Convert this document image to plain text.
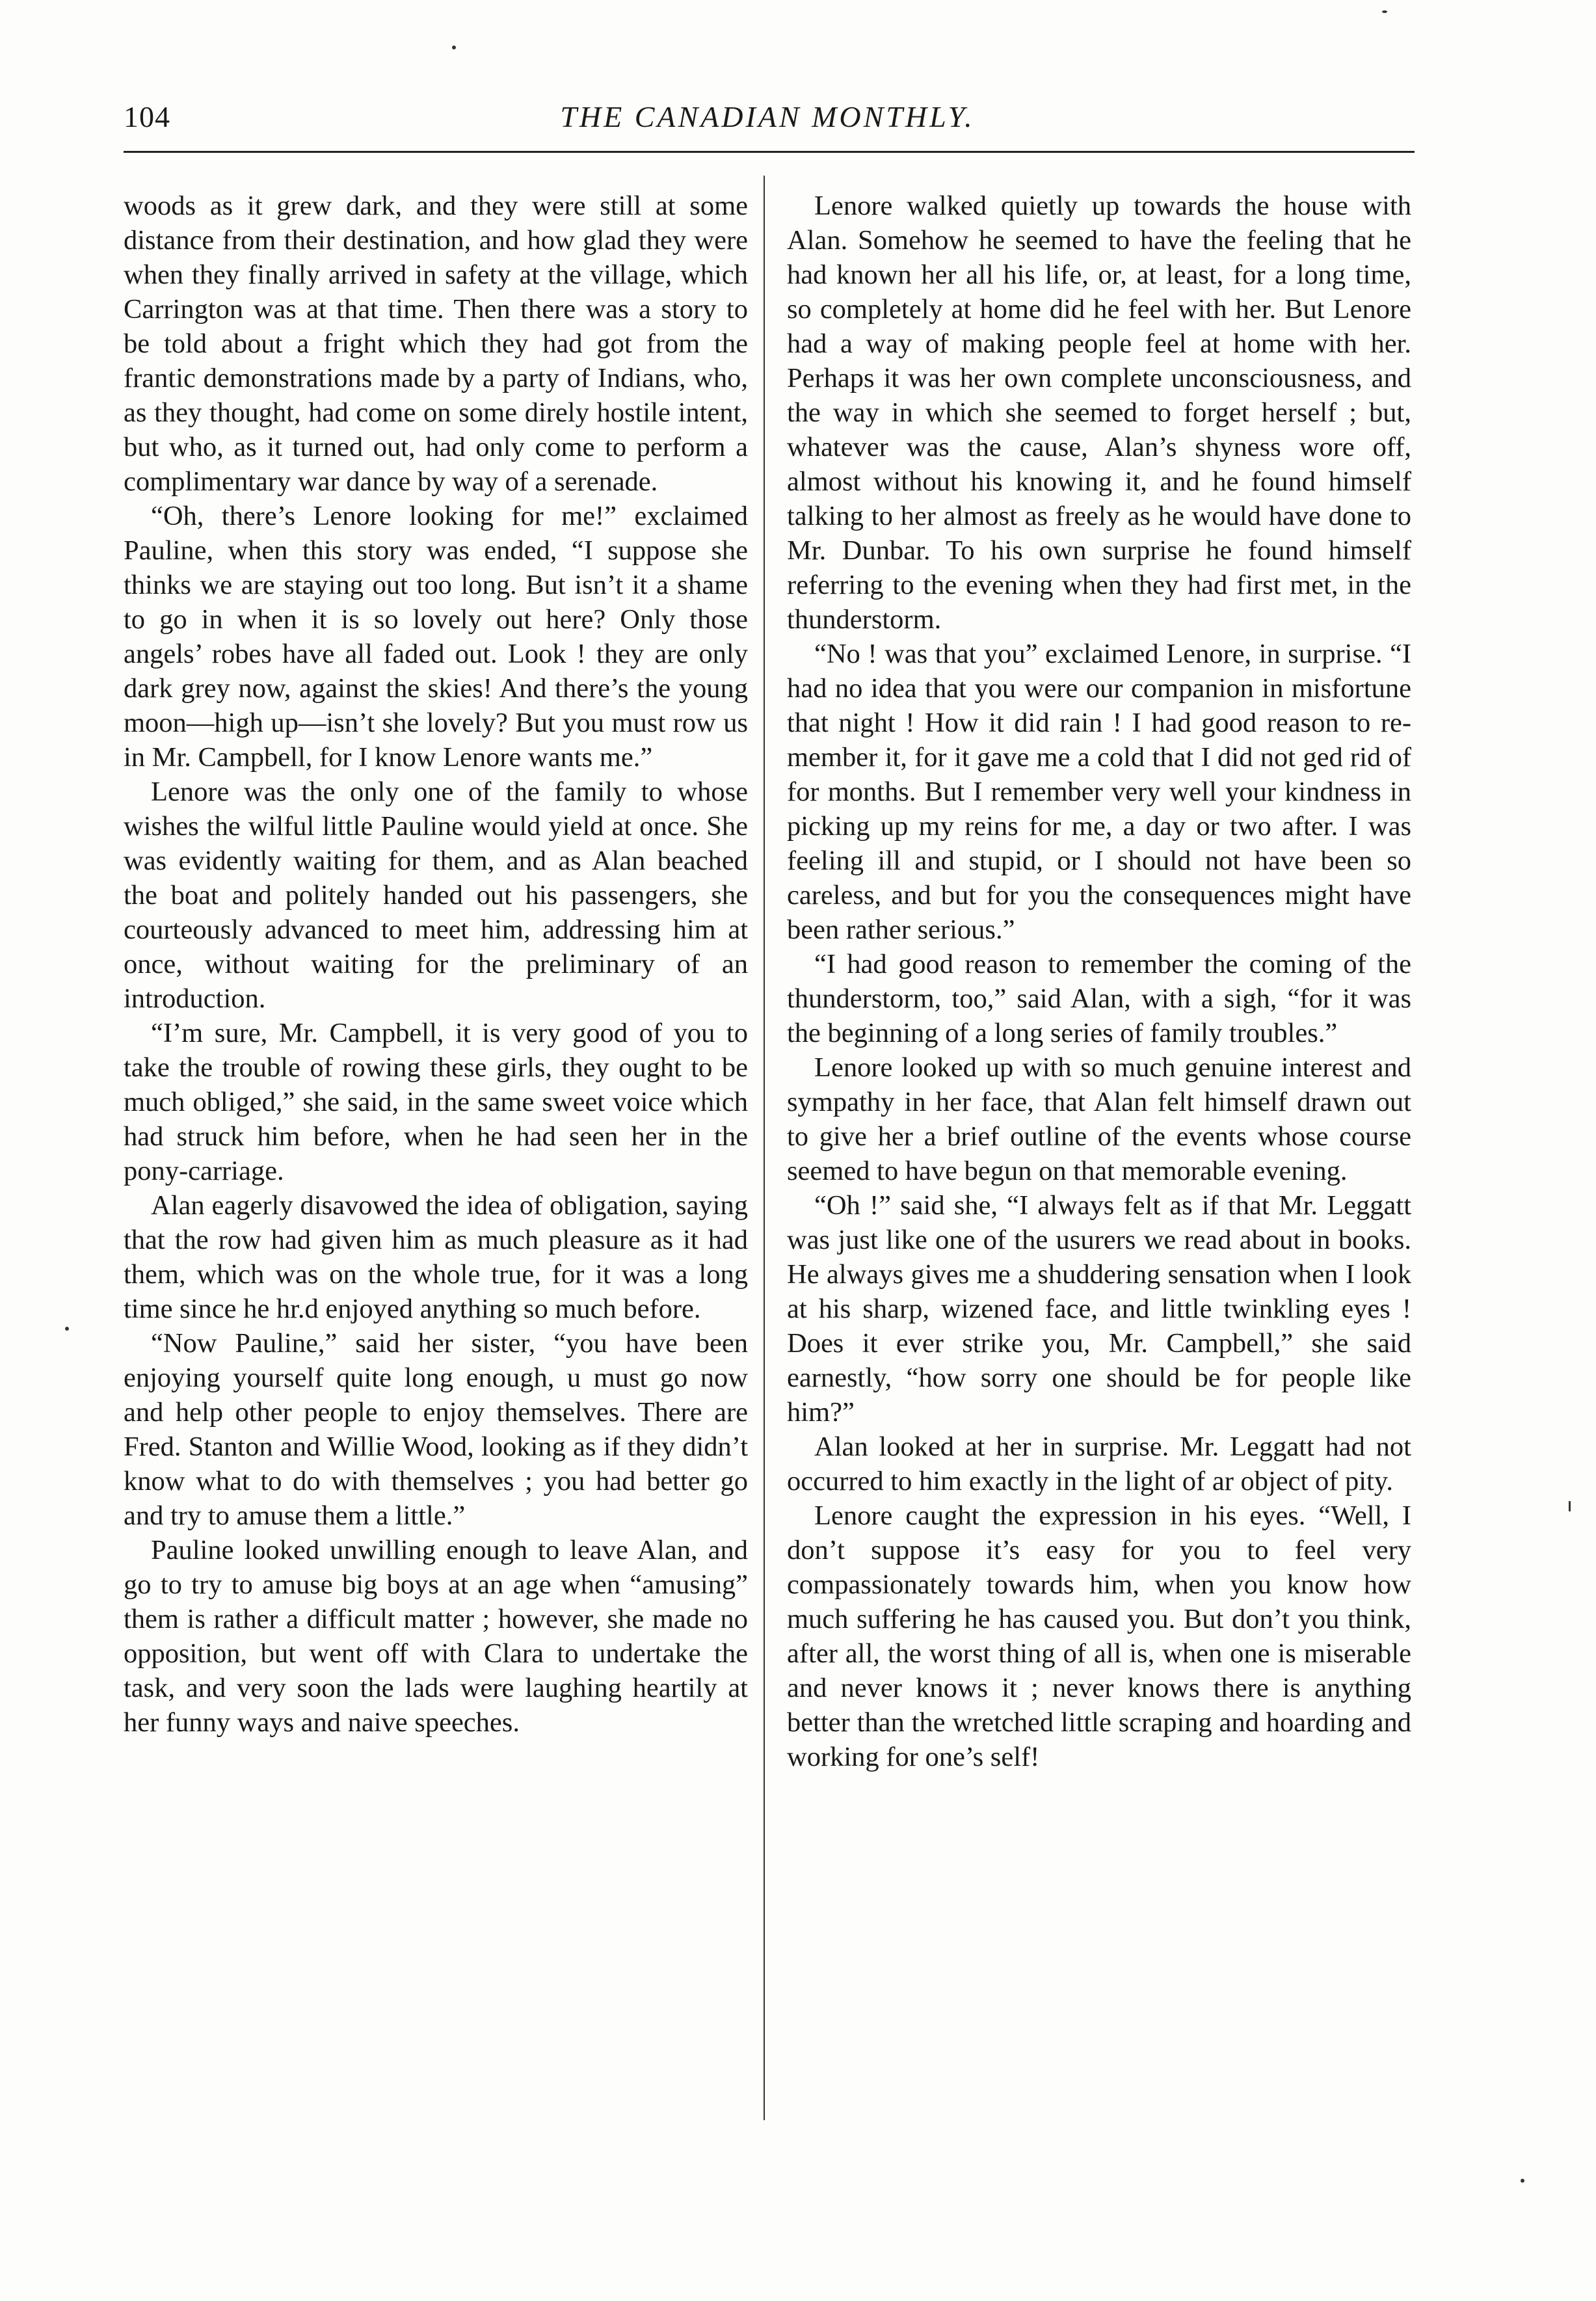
104	THE CANADIAN MONTHLY.

woods as it grew dark, and they were still at some distance from their destination, and how glad they were when they finally arrived in safety at the village, which Carrington was at that time. Then there was a story to be told about a fright which they had got from the frantic demonstrations made by a party of Indians, who, as they thought, had come on some direly hostile intent, but who, as it turned out, had only come to perform a complimentary war dance by way of a serenade.

“Oh, there’s Lenore looking for me!” exclaimed Pauline, when this story was ended, “I suppose she thinks we are staying out too long. But isn’t it a shame to go in when it is so lovely out here? Only those angels’ robes have all faded out. Look ! they are only dark grey now, against the skies! And there’s the young moon—high up—isn’t she lovely? But you must row us in Mr. Campbell, for I know Lenore wants me.”

Lenore was the only one of the family to whose wishes the wilful little Pauline would yield at once. She was evidently waiting for them, and as Alan beached the boat and politely handed out his passengers, she courteously advanced to meet him, addressing him at once, without waiting for the preliminary of an introduction.

“I’m sure, Mr. Campbell, it is very good of you to take the trouble of rowing these girls, they ought to be much obliged,” she said, in the same sweet voice which had struck him before, when he had seen her in the pony-carriage.

Alan eagerly disavowed the idea of obligation, saying that the row had given him as much pleasure as it had them, which was on the whole true, for it was a long time since he hr.d enjoyed anything so much before.

“Now Pauline,” said her sister, “you have been enjoying yourself quite long enough, u must go now and help other people to enjoy themselves. There are Fred. Stanton and Willie Wood, looking as if they didn’t know what to do with themselves ; you had better go and try to amuse them a little.”

Pauline looked unwilling enough to leave Alan, and go to try to amuse big boys at an age when “amusing” them is rather a difficult matter ; however, she made no opposition, but went off with Clara to undertake the task, and very soon the lads were laughing heartily at her funny ways and naive speeches.

Lenore walked quietly up towards the house with Alan. Somehow he seemed to have the feeling that he had known her all his life, or, at least, for a long time, so completely at home did he feel with her. But Lenore had a way of making people feel at home with her. Perhaps it was her own complete unconsciousness, and the way in which she seemed to forget herself ; but, whatever was the cause, Alan’s shyness wore off, almost without his knowing it, and he found himself talking to her almost as freely as he would have done to Mr. Dunbar. To his own surprise he found himself referring to the evening when they had first met, in the thunderstorm.

“No ! was that you” exclaimed Lenore, in surprise. “I had no idea that you were our companion in misfortune that night ! How it did rain ! I had good reason to remember it, for it gave me a cold that I did not ged rid of for months. But I remember very well your kindness in picking up my reins for me, a day or two after. I was feeling ill and stupid, or I should not have been so careless, and but for you the consequences might have been rather serious.”

“I had good reason to remember the coming of the thunderstorm, too,” said Alan, with a sigh, “for it was the beginning of a long series of family troubles.”

Lenore looked up with so much genuine interest and sympathy in her face, that Alan felt himself drawn out to give her a brief outline of the events whose course seemed to have begun on that memorable evening.

“Oh !” said she, “I always felt as if that Mr. Leggatt was just like one of the usurers we read about in books. He always gives me a shuddering sensation when I look at his sharp, wizened face, and little twinkling eyes ! Does it ever strike you, Mr. Campbell,” she said earnestly, “how sorry one should be for people like him?”

Alan looked at her in surprise. Mr. Leggatt had not occurred to him exactly in the light of ar object of pity.

Lenore caught the expression in his eyes. “Well, I don’t suppose it’s easy for you to feel very compassionately towards him, when you know how much suffering he has caused you. But don’t you think, after all, the worst thing of all is, when one is miserable and never knows it ; never knows there is anything better than the wretched little scraping and hoarding and working for one’s self!
